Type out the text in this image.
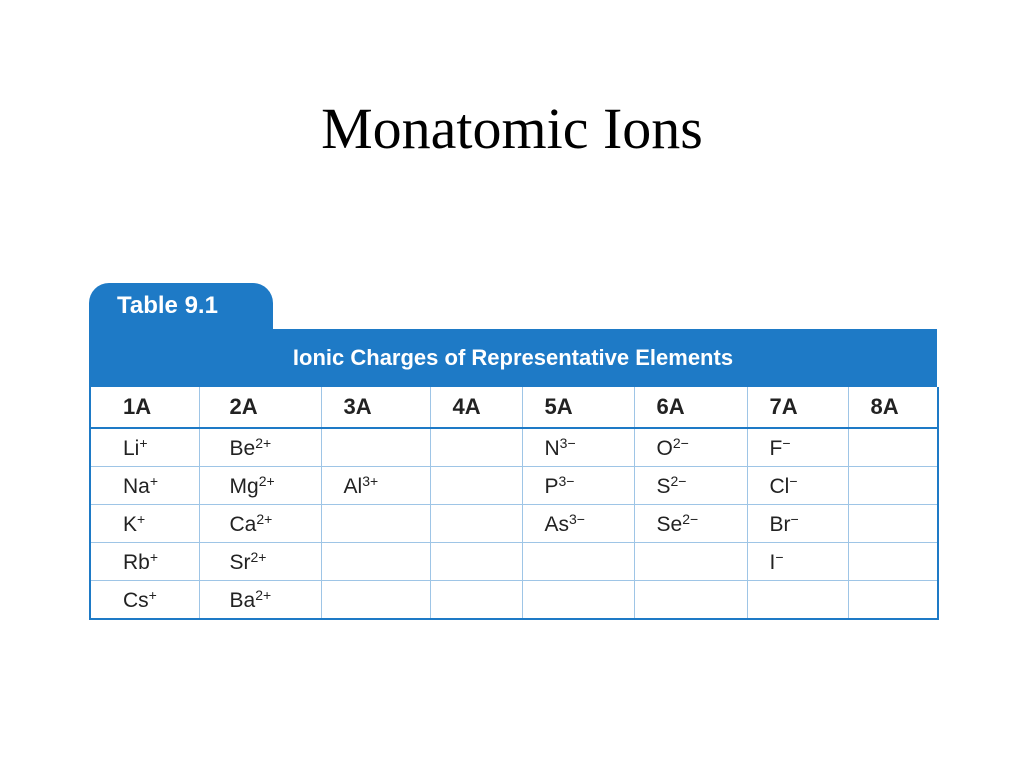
Monatomic Ions
Table 9.1
Ionic Charges of Representative Elements
1A	2A	3A	4A	5A	6A	7A	8A
Li+	$Be^{2+}$			$N^{3-}$	$O^{2-}$	F−	
Na+	$Mg^{2+}$	$Al^{3+}$		$P^{3-}$	$S^{2-}$	Cl−	
K+	$Ca^{2+}$			$As^{3-}$	$Se^{2-}$	Br−	
Rb+	$Sr^{2+}$					I−	
Cs+	$Ba^{2+}$						
